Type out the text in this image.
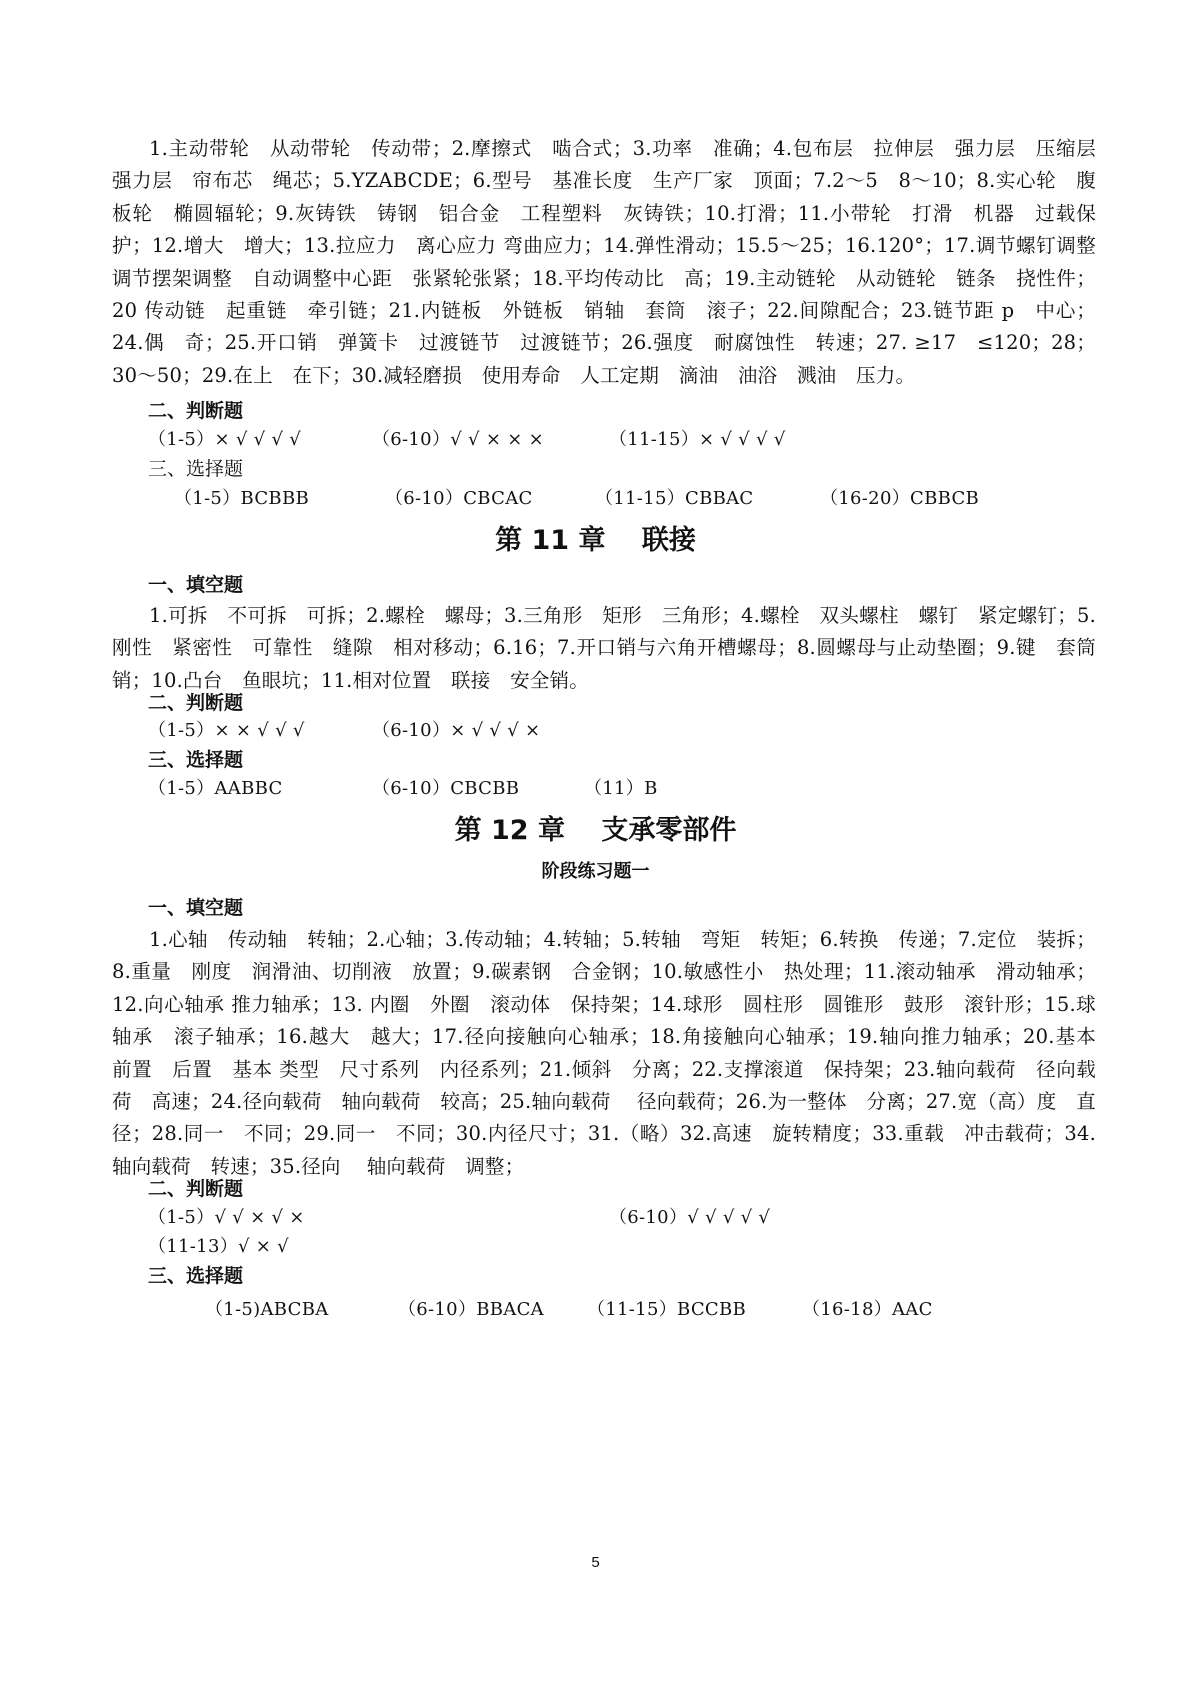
1.主动带轮　从动带轮　传动带；2.摩擦式　啮合式；3.功率　准确；4.包布层　拉伸层　强力层　压缩层　强力层　帘布芯　绳芯；5.YZABCDE；6.型号　基准长度　生产厂家　顶面；7.2～5　8～10；8.实心轮　腹板轮　椭圆辐轮；9.灰铸铁　铸钢　铝合金　工程塑料　灰铸铁；10.打滑；11.小带轮　打滑　机器　过载保护；12.增大　增大；13.拉应力　离心应力 弯曲应力；14.弹性滑动；15.5～25；16.120°；17.调节螺钉调整　调节摆架调整　自动调整中心距　张紧轮张紧；18.平均传动比　高；19.主动链轮　从动链轮　链条　挠性件；20 传动链　起重链　牵引链；21.内链板　外链板　销轴　套筒　滚子；22.间隙配合；23.链节距 p　中心；24.偶　奇；25.开口销　弹簧卡　过渡链节　过渡链节；26.强度　耐腐蚀性　转速；27. ≥17　≤120；28；30～50；29.在上　在下；30.减轻磨损　使用寿命　人工定期　滴油　油浴　溅油　压力。

二、判断题
（1-5）× √ √ √ √	（6-10）√ √ × × ×	（11-15）× √ √ √ √
三、选择题
（1-5）BCBBB	（6-10）CBCAC	（11-15）CBBAC	（16-20）CBBCB
第 11 章　 联接
一、填空题

1.可拆　不可拆　可拆；2.螺栓　螺母；3.三角形　矩形　三角形；4.螺栓　双头螺柱　螺钉　紧定螺钉；5.刚性　紧密性　可靠性　缝隙　相对移动；6.16；7.开口销与六角开槽螺母；8.圆螺母与止动垫圈；9.键　套筒　销；10.凸台　鱼眼坑；11.相对位置　联接　安全销。

二、判断题
（1-5）× × √ √ √	（6-10）× √ √ √ ×
三、选择题
（1-5）AABBC	（6-10）CBCBB	（11）B
第 12 章　 支承零部件
阶段练习题一
一、填空题

1.心轴　传动轴　转轴；2.心轴；3.传动轴；4.转轴；5.转轴　弯矩　转矩；6.转换　传递；7.定位　装拆；8.重量　刚度　润滑油、切削液　放置；9.碳素钢　合金钢；10.敏感性小　热处理；11.滚动轴承　滑动轴承；12.向心轴承 推力轴承；13. 内圈　外圈　滚动体　保持架；14.球形　圆柱形　圆锥形　鼓形　滚针形；15.球轴承　滚子轴承；16.越大　越大；17.径向接触向心轴承；18.角接触向心轴承；19.轴向推力轴承；20.基本　前置　后置　基本 类型　尺寸系列　内径系列；21.倾斜　分离；22.支撑滚道　保持架；23.轴向载荷　径向载荷　高速；24.径向载荷　轴向载荷　较高；25.轴向载荷　 径向载荷；26.为一整体　分离；27.宽（高）度　直径；28.同一　不同；29.同一　不同；30.内径尺寸；31.（略）32.高速　旋转精度；33.重载　冲击载荷；34.轴向载荷　转速；35.径向　 轴向载荷　调整；

二、判断题
（1-5）√ √ × √ ×	（6-10）√ √ √ √ √
（11-13）√ × √
三、选择题
（1-5)ABCBA	（6-10）BBACA （11-15）BCCBB	（16-18）AAC
5
